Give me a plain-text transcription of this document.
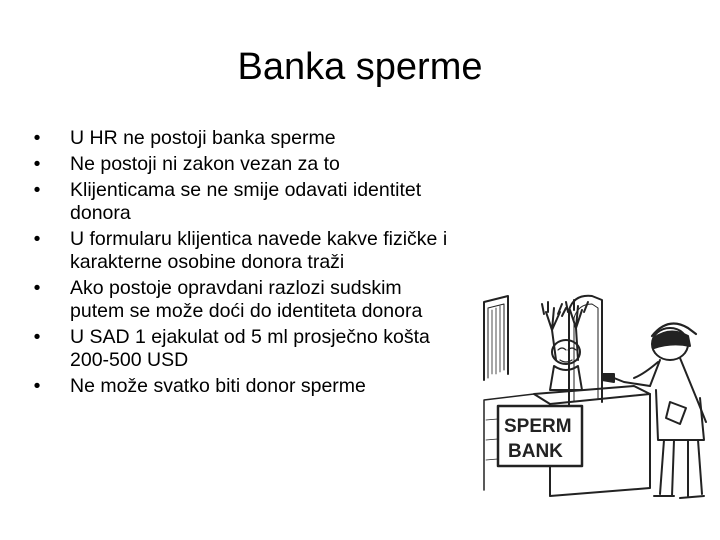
Banka sperme
• U HR ne postoji banka sperme
• Ne postoji ni zakon vezan za to
• Klijenticama se ne smije odavati identitet donora
• U formularu klijentica navede kakve fizičke i karakterne osobine donora traži
• Ako postoje opravdani razlozi sudskim putem se može doći do identiteta donora
• U SAD 1 ejakulat od 5 ml prosječno košta 200-500 USD
• Ne može svatko biti donor sperme
SPERM
BANK
